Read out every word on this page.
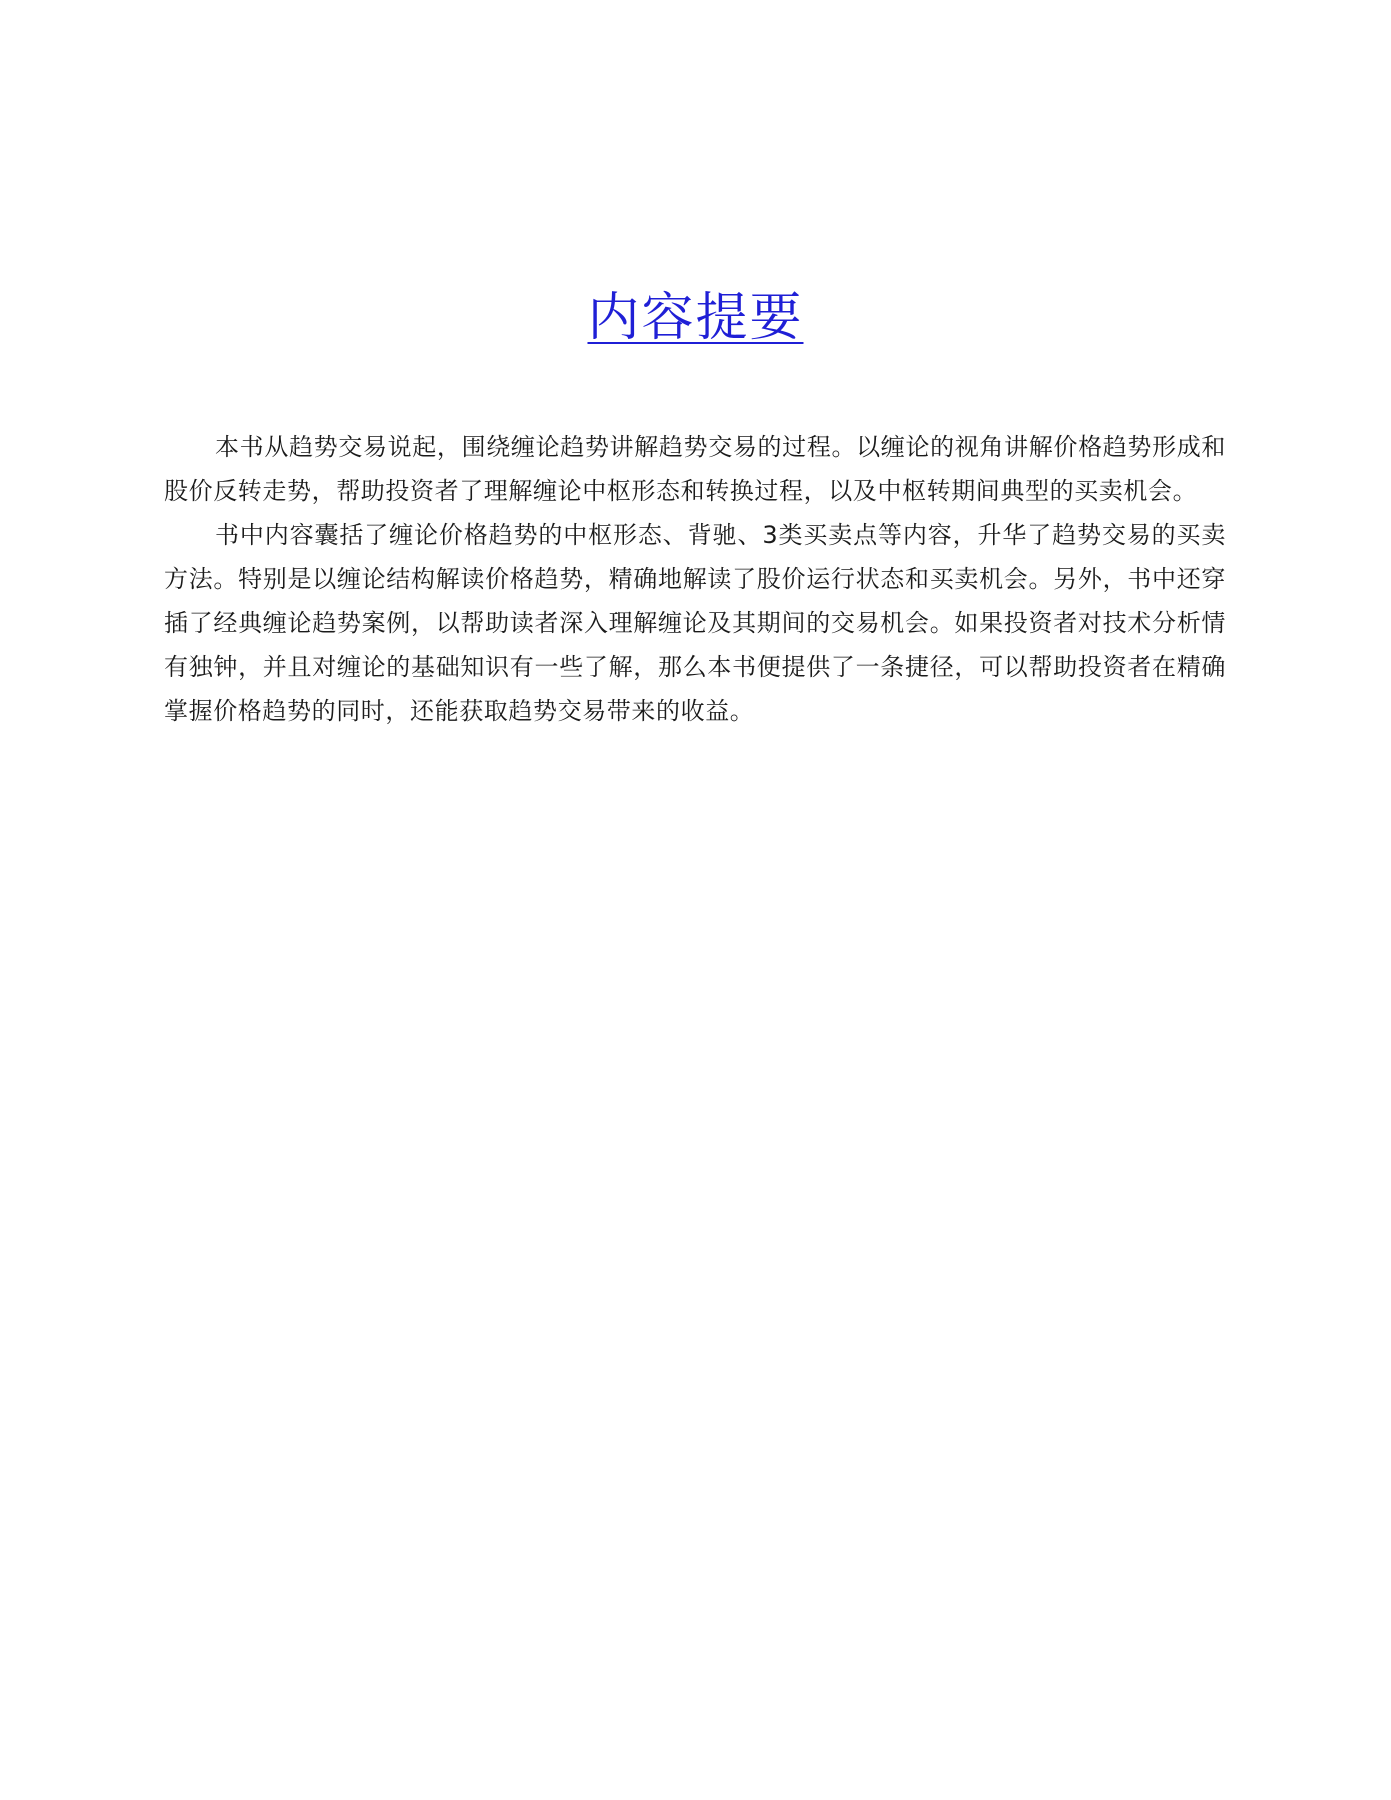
内容提要

本书从趋势交易说起，围绕缠论趋势讲解趋势交易的过程。以缠论的视角讲解价格趋势形成和股价反转走势，帮助投资者了理解缠论中枢形态和转换过程，以及中枢转期间典型的买卖机会。

书中内容囊括了缠论价格趋势的中枢形态、背驰、3类买卖点等内容，升华了趋势交易的买卖方法。特别是以缠论结构解读价格趋势，精确地解读了股价运行状态和买卖机会。另外，书中还穿插了经典缠论趋势案例，以帮助读者深入理解缠论及其期间的交易机会。如果投资者对技术分析情有独钟，并且对缠论的基础知识有一些了解，那么本书便提供了一条捷径，可以帮助投资者在精确掌握价格趋势的同时，还能获取趋势交易带来的收益。
